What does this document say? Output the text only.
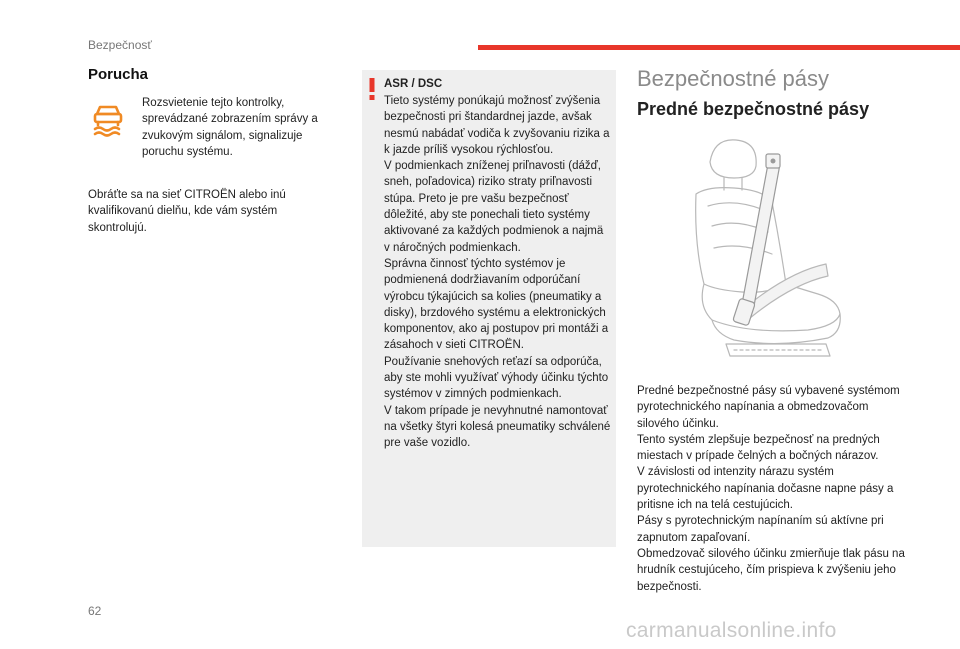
Bezpečnosť
Porucha
Rozsvietenie tejto kontrolky, sprevádzané zobrazením správy a zvukovým signálom, signalizuje poruchu systému.
Obráťte sa na sieť CITROËN alebo inú kvalifikovanú dielňu, kde vám systém skontrolujú.
ASR / DSC

Tieto systémy ponúkajú možnosť zvýšenia bezpečnosti pri štandardnej jazde, avšak nesmú nabádať vodiča k zvyšovaniu rizika a k jazde príliš vysokou rýchlosťou.

V podmienkach zníženej priľnavosti (dážď, sneh, poľadovica) riziko straty priľnavosti stúpa. Preto je pre vašu bezpečnosť dôležité, aby ste ponechali tieto systémy aktivované za každých podmienok a najmä v náročných podmienkach.

Správna činnosť týchto systémov je podmienená dodržiavaním odporúčaní výrobcu týkajúcich sa kolies (pneumatiky a disky), brzdového systému a elektronických komponentov, ako aj postupov pri montáži a zásahoch v sieti CITROËN.

Používanie snehových reťazí sa odporúča, aby ste mohli využívať výhody účinku týchto systémov v zimných podmienkach.

V takom prípade je nevyhnutné namontovať na všetky štyri kolesá pneumatiky schválené pre vaše vozidlo.

Bezpečnostné pásy
Predné bezpečnostné pásy

Predné bezpečnostné pásy sú vybavené systémom pyrotechnického napínania a obmedzovačom silového účinku.

Tento systém zlepšuje bezpečnosť na predných miestach v prípade čelných a bočných nárazov.

V závislosti od intenzity nárazu systém pyrotechnického napínania dočasne napne pásy a pritisne ich na telá cestujúcich.

Pásy s pyrotechnickým napínaním sú aktívne pri zapnutom zapaľovaní.

Obmedzovač silového účinku zmierňuje tlak pásu na hrudník cestujúceho, čím prispieva k zvýšeniu jeho bezpečnosti.

62
carmanualsonline.info
